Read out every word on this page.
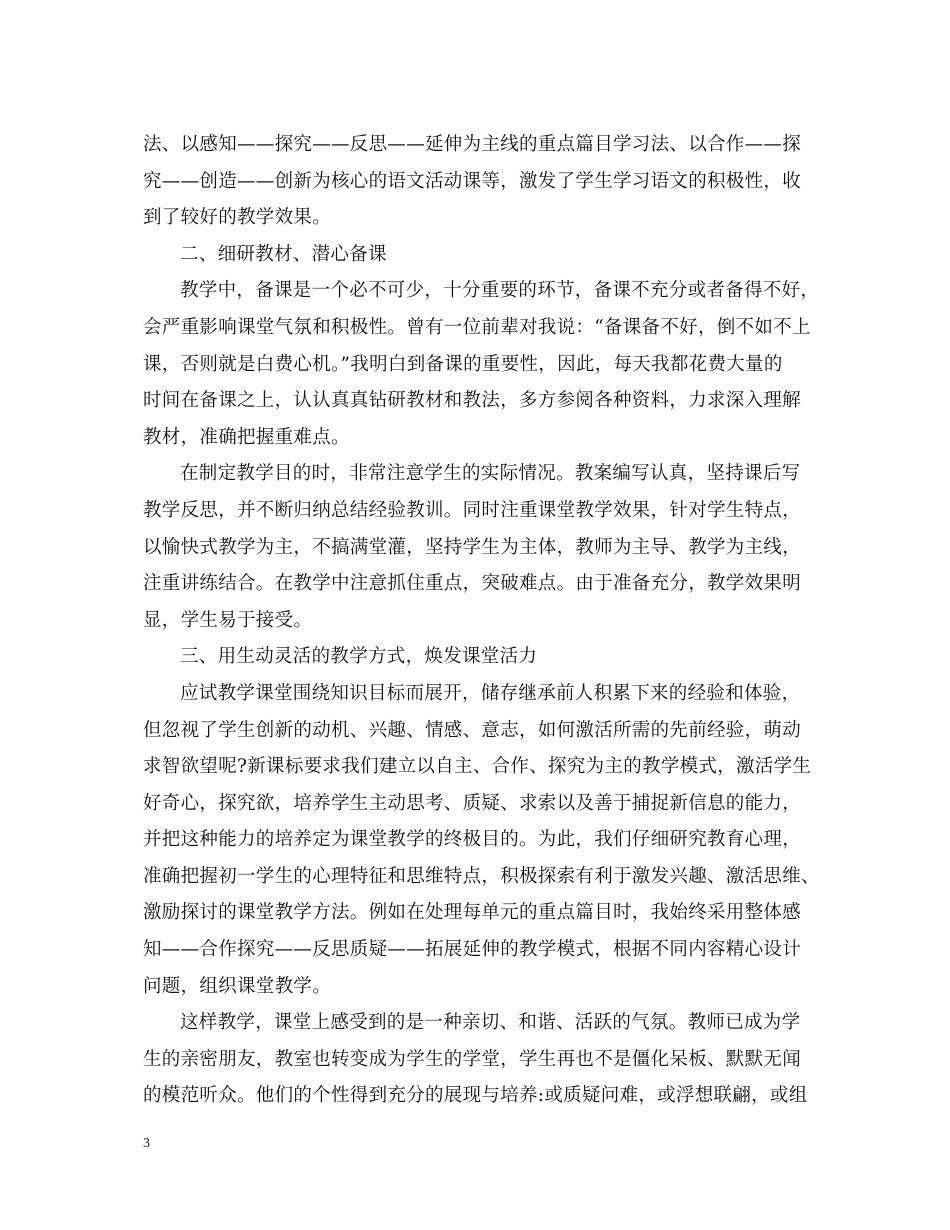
法、以感知——探究——反思——延伸为主线的重点篇目学习法、以合作——探
究——创造——创新为核心的语文活动课等，激发了学生学习语文的积极性，收
到了较好的教学效果。
二、细研教材、潜心备课
教学中，备课是一个必不可少，十分重要的环节，备课不充分或者备得不好，
会严重影响课堂气氛和积极性。曾有一位前辈对我说：“备课备不好，倒不如不上
课，否则就是白费心机。”我明白到备课的重要性，因此，每天我都花费大量的
时间在备课之上，认认真真钻研教材和教法，多方参阅各种资料，力求深入理解
教材，准确把握重难点。
在制定教学目的时，非常注意学生的实际情况。教案编写认真，坚持课后写
教学反思，并不断归纳总结经验教训。同时注重课堂教学效果，针对学生特点，
以愉快式教学为主，不搞满堂灌，坚持学生为主体，教师为主导、教学为主线，
注重讲练结合。在教学中注意抓住重点，突破难点。由于准备充分，教学效果明
显，学生易于接受。
三、用生动灵活的教学方式，焕发课堂活力
应试教学课堂围绕知识目标而展开，储存继承前人积累下来的经验和体验，
但忽视了学生创新的动机、兴趣、情感、意志，如何激活所需的先前经验，萌动
求智欲望呢?新课标要求我们建立以自主、合作、探究为主的教学模式，激活学生
好奇心，探究欲，培养学生主动思考、质疑、求索以及善于捕捉新信息的能力，
并把这种能力的培养定为课堂教学的终极目的。为此，我们仔细研究教育心理，
准确把握初一学生的心理特征和思维特点，积极探索有利于激发兴趣、激活思维、
激励探讨的课堂教学方法。例如在处理每单元的重点篇目时，我始终采用整体感
知——合作探究——反思质疑——拓展延伸的教学模式，根据不同内容精心设计
问题，组织课堂教学。
这样教学，课堂上感受到的是一种亲切、和谐、活跃的气氛。教师已成为学
生的亲密朋友，教室也转变成为学生的学堂，学生再也不是僵化呆板、默默无闻
的模范听众。他们的个性得到充分的展现与培养:或质疑问难，或浮想联翩，或组
3
